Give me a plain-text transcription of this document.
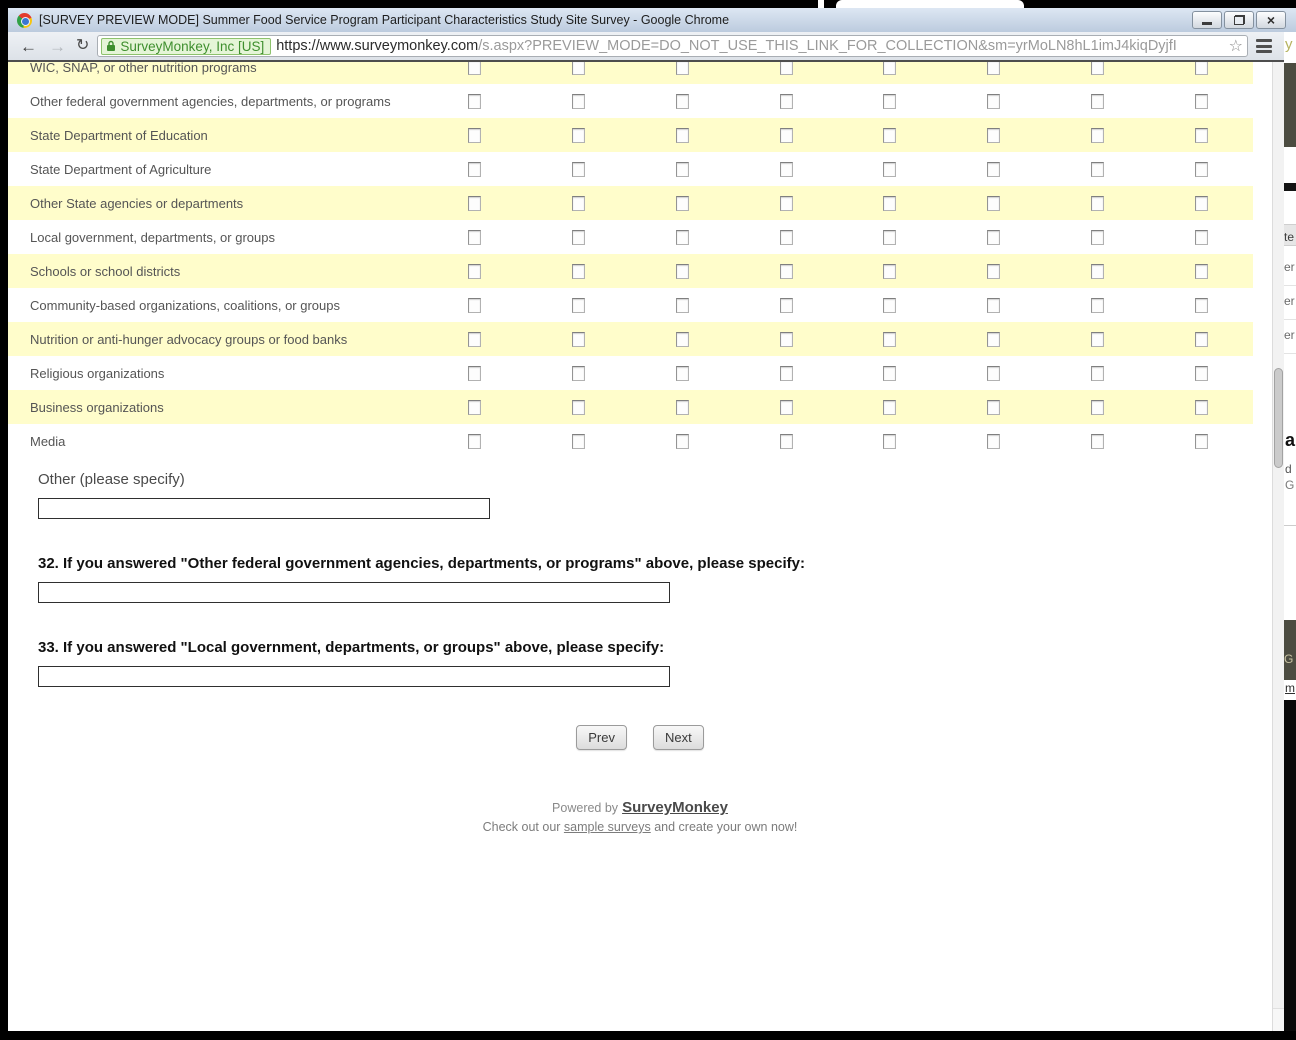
[SURVEY PREVIEW MODE] Summer Food Service Program Participant Characteristics Study Site Survey - Google Chrome	×
← → ↻ SurveyMonkey, Inc [US] https://www.surveymonkey.com/s.aspx?PREVIEW_MODE=DO_NOT_USE_THIS_LINK_FOR_COLLECTION&sm=yrMoLN8hL1imJ4kiqDyjfI	☆
WIC, SNAP, or other nutrition programs
Other federal government agencies, departments, or programs
State Department of Education
State Department of Agriculture
Other State agencies or departments
Local government, departments, or groups
Schools or school districts
Community-based organizations, coalitions, or groups
Nutrition or anti-hunger advocacy groups or food banks
Religious organizations
Business organizations
Media
Other (please specify)
32. If you answered "Other federal government agencies, departments, or programs" above, please specify:
33. If you answered "Local government, departments, or groups" above, please specify:
Prev	Next
Powered by SurveyMonkey
Check out our sample surveys and create your own now!
y
te
er
er
er
a
d
G
$_G$
m
